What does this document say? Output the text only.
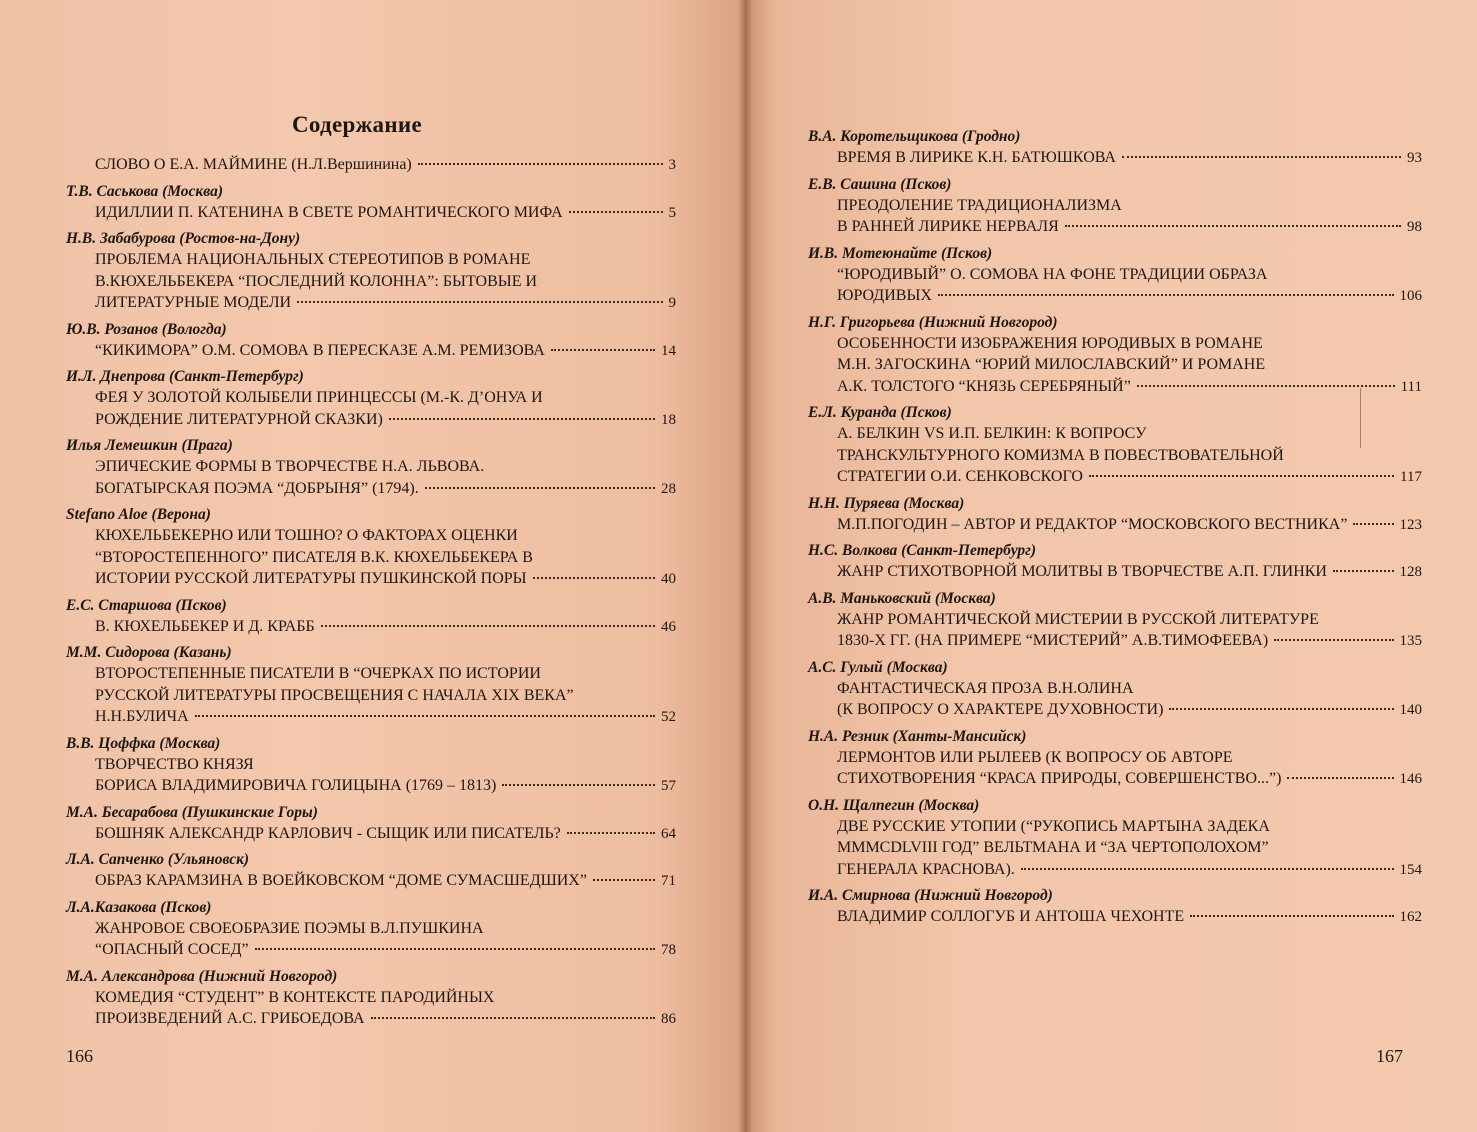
Содержание
СЛОВО О Е.А. МАЙМИНЕ (Н.Л.Вершинина)	3
Т.В. Саськова (Москва)
ИДИЛЛИИ П. КАТЕНИНА В СВЕТЕ РОМАНТИЧЕСКОГО МИФА	5
Н.В. Забабурова (Ростов-на-Дону)
ПРОБЛЕМА НАЦИОНАЛЬНЫХ СТЕРЕОТИПОВ В РОМАНЕ
В.КЮХЕЛЬБЕКЕРА “ПОСЛЕДНИЙ КОЛОННА”: БЫТОВЫЕ И
ЛИТЕРАТУРНЫЕ МОДЕЛИ	9
Ю.В. Розанов (Вологда)
“КИКИМОРА” О.М. СОМОВА В ПЕРЕСКАЗЕ А.М. РЕМИЗОВА	14
И.Л. Днепрова (Санкт-Петербург)
ФЕЯ У ЗОЛОТОЙ КОЛЫБЕЛИ ПРИНЦЕССЫ (М.-К. Д’ОНУА И
РОЖДЕНИЕ ЛИТЕРАТУРНОЙ СКАЗКИ)	18
Илья Лемешкин (Прага)
ЭПИЧЕСКИЕ ФОРМЫ В ТВОРЧЕСТВЕ Н.А. ЛЬВОВА.
БОГАТЫРСКАЯ ПОЭМА “ДОБРЫНЯ” (1794).	28
Stefano Aloe (Верона)
КЮХЕЛЬБЕКЕРНО ИЛИ ТОШНО? О ФАКТОРАХ ОЦЕНКИ
“ВТОРОСТЕПЕННОГО” ПИСАТЕЛЯ В.К. КЮХЕЛЬБЕКЕРА В
ИСТОРИИ РУССКОЙ ЛИТЕРАТУРЫ ПУШКИНСКОЙ ПОРЫ	40
Е.С. Старшова (Псков)
В. КЮХЕЛЬБЕКЕР И Д. КРАББ	46
М.М. Сидорова (Казань)
ВТОРОСТЕПЕННЫЕ ПИСАТЕЛИ В “ОЧЕРКАХ ПО ИСТОРИИ
РУССКОЙ ЛИТЕРАТУРЫ ПРОСВЕЩЕНИЯ С НАЧАЛА XIX ВЕКА”
Н.Н.БУЛИЧА	52
В.В. Цоффка (Москва)
ТВОРЧЕСТВО КНЯЗЯ
БОРИСА ВЛАДИМИРОВИЧА ГОЛИЦЫНА (1769 – 1813)	57
М.А. Бесарабова (Пушкинские Горы)
БОШНЯК АЛЕКСАНДР КАРЛОВИЧ - СЫЩИК ИЛИ ПИСАТЕЛЬ?	64
Л.А. Сапченко (Ульяновск)
ОБРАЗ КАРАМЗИНА В ВОЕЙКОВСКОМ “ДОМЕ СУМАСШЕДШИХ”	71
Л.А.Казакова (Псков)
ЖАНРОВОЕ СВОЕОБРАЗИЕ ПОЭМЫ В.Л.ПУШКИНА
“ОПАСНЫЙ СОСЕД”	78
М.А. Александрова (Нижний Новгород)
КОМЕДИЯ “СТУДЕНТ” В КОНТЕКСТЕ ПАРОДИЙНЫХ
ПРОИЗВЕДЕНИЙ А.С. ГРИБОЕДОВА	86
В.А. Коротельщикова (Гродно)
ВРЕМЯ В ЛИРИКЕ К.Н. БАТЮШКОВА	93
Е.В. Сашина (Псков)
ПРЕОДОЛЕНИЕ ТРАДИЦИОНАЛИЗМА
В РАННЕЙ ЛИРИКЕ НЕРВАЛЯ	98
И.В. Мотеюнайте (Псков)
“ЮРОДИВЫЙ” О. СОМОВА НА ФОНЕ ТРАДИЦИИ ОБРАЗА
ЮРОДИВЫХ	106
Н.Г. Григорьева (Нижний Новгород)
ОСОБЕННОСТИ ИЗОБРАЖЕНИЯ ЮРОДИВЫХ В РОМАНЕ
М.Н. ЗАГОСКИНА “ЮРИЙ МИЛОСЛАВСКИЙ” И РОМАНЕ
А.К. ТОЛСТОГО “КНЯЗЬ СЕРЕБРЯНЫЙ”	111
Е.Л. Куранда (Псков)
А. БЕЛКИН VS И.П. БЕЛКИН: К ВОПРОСУ
ТРАНСКУЛЬТУРНОГО КОМИЗМА В ПОВЕСТВОВАТЕЛЬНОЙ
СТРАТЕГИИ О.И. СЕНКОВСКОГО	117
Н.Н. Пуряева (Москва)
М.П.ПОГОДИН – АВТОР И РЕДАКТОР “МОСКОВСКОГО ВЕСТНИКА”	123
Н.С. Волкова (Санкт-Петербург)
ЖАНР СТИХОТВОРНОЙ МОЛИТВЫ В ТВОРЧЕСТВЕ А.П. ГЛИНКИ	128
А.В. Маньковский (Москва)
ЖАНР РОМАНТИЧЕСКОЙ МИСТЕРИИ В РУССКОЙ ЛИТЕРАТУРЕ
1830-Х ГГ. (НА ПРИМЕРЕ “МИСТЕРИЙ” А.В.ТИМОФЕЕВА)	135
А.С. Гулый (Москва)
ФАНТАСТИЧЕСКАЯ ПРОЗА В.Н.ОЛИНА
(К ВОПРОСУ О ХАРАКТЕРЕ ДУХОВНОСТИ)	140
Н.А. Резник (Ханты-Мансийск)
ЛЕРМОНТОВ ИЛИ РЫЛЕЕВ (К ВОПРОСУ ОБ АВТОРЕ
СТИХОТВОРЕНИЯ “КРАСА ПРИРОДЫ, СОВЕРШЕНСТВО...”)	146
О.Н. Щалпегин (Москва)
ДВЕ РУССКИЕ УТОПИИ (“РУКОПИСЬ МАРТЫНА ЗАДЕКА
MMMCDLVIII ГОД” ВЕЛЬТМАНА И “ЗА ЧЕРТОПОЛОХОМ”
ГЕНЕРАЛА КРАСНОВА).	154
И.А. Смирнова (Нижний Новгород)
ВЛАДИМИР СОЛЛОГУБ И АНТОША ЧЕХОНТЕ	162
166	167
